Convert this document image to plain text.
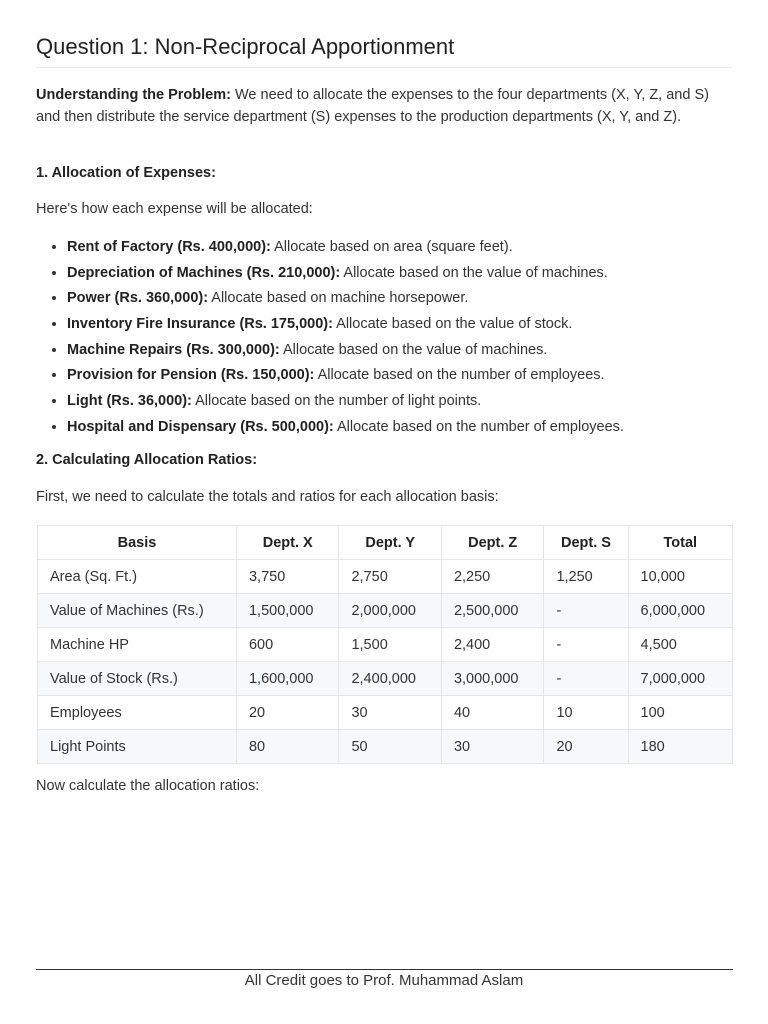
Question 1: Non-Reciprocal Apportionment

Understanding the Problem: We need to allocate the expenses to the four departments (X, Y, Z, and S) and then distribute the service department (S) expenses to the production departments (X, Y, and Z).

1. Allocation of Expenses:

Here's how each expense will be allocated:

• Rent of Factory (Rs. 400,000): Allocate based on area (square feet).
• Depreciation of Machines (Rs. 210,000): Allocate based on the value of machines.
• Power (Rs. 360,000): Allocate based on machine horsepower.
• Inventory Fire Insurance (Rs. 175,000): Allocate based on the value of stock.
• Machine Repairs (Rs. 300,000): Allocate based on the value of machines.
• Provision for Pension (Rs. 150,000): Allocate based on the number of employees.
• Light (Rs. 36,000): Allocate based on the number of light points.
• Hospital and Dispensary (Rs. 500,000): Allocate based on the number of employees.

2. Calculating Allocation Ratios:

First, we need to calculate the totals and ratios for each allocation basis:

Basis	Dept. X	Dept. Y	Dept. Z	Dept. S	Total
Area (Sq. Ft.)	3,750	2,750	2,250	1,250	10,000
Value of Machines (Rs.)	1,500,000	2,000,000	2,500,000	-	6,000,000
Machine HP	600	1,500	2,400	-	4,500
Value of Stock (Rs.)	1,600,000	2,400,000	3,000,000	-	7,000,000
Employees	20	30	40	10	100
Light Points	80	50	30	20	180

Now calculate the allocation ratios:

All Credit goes to Prof. Muhammad Aslam
